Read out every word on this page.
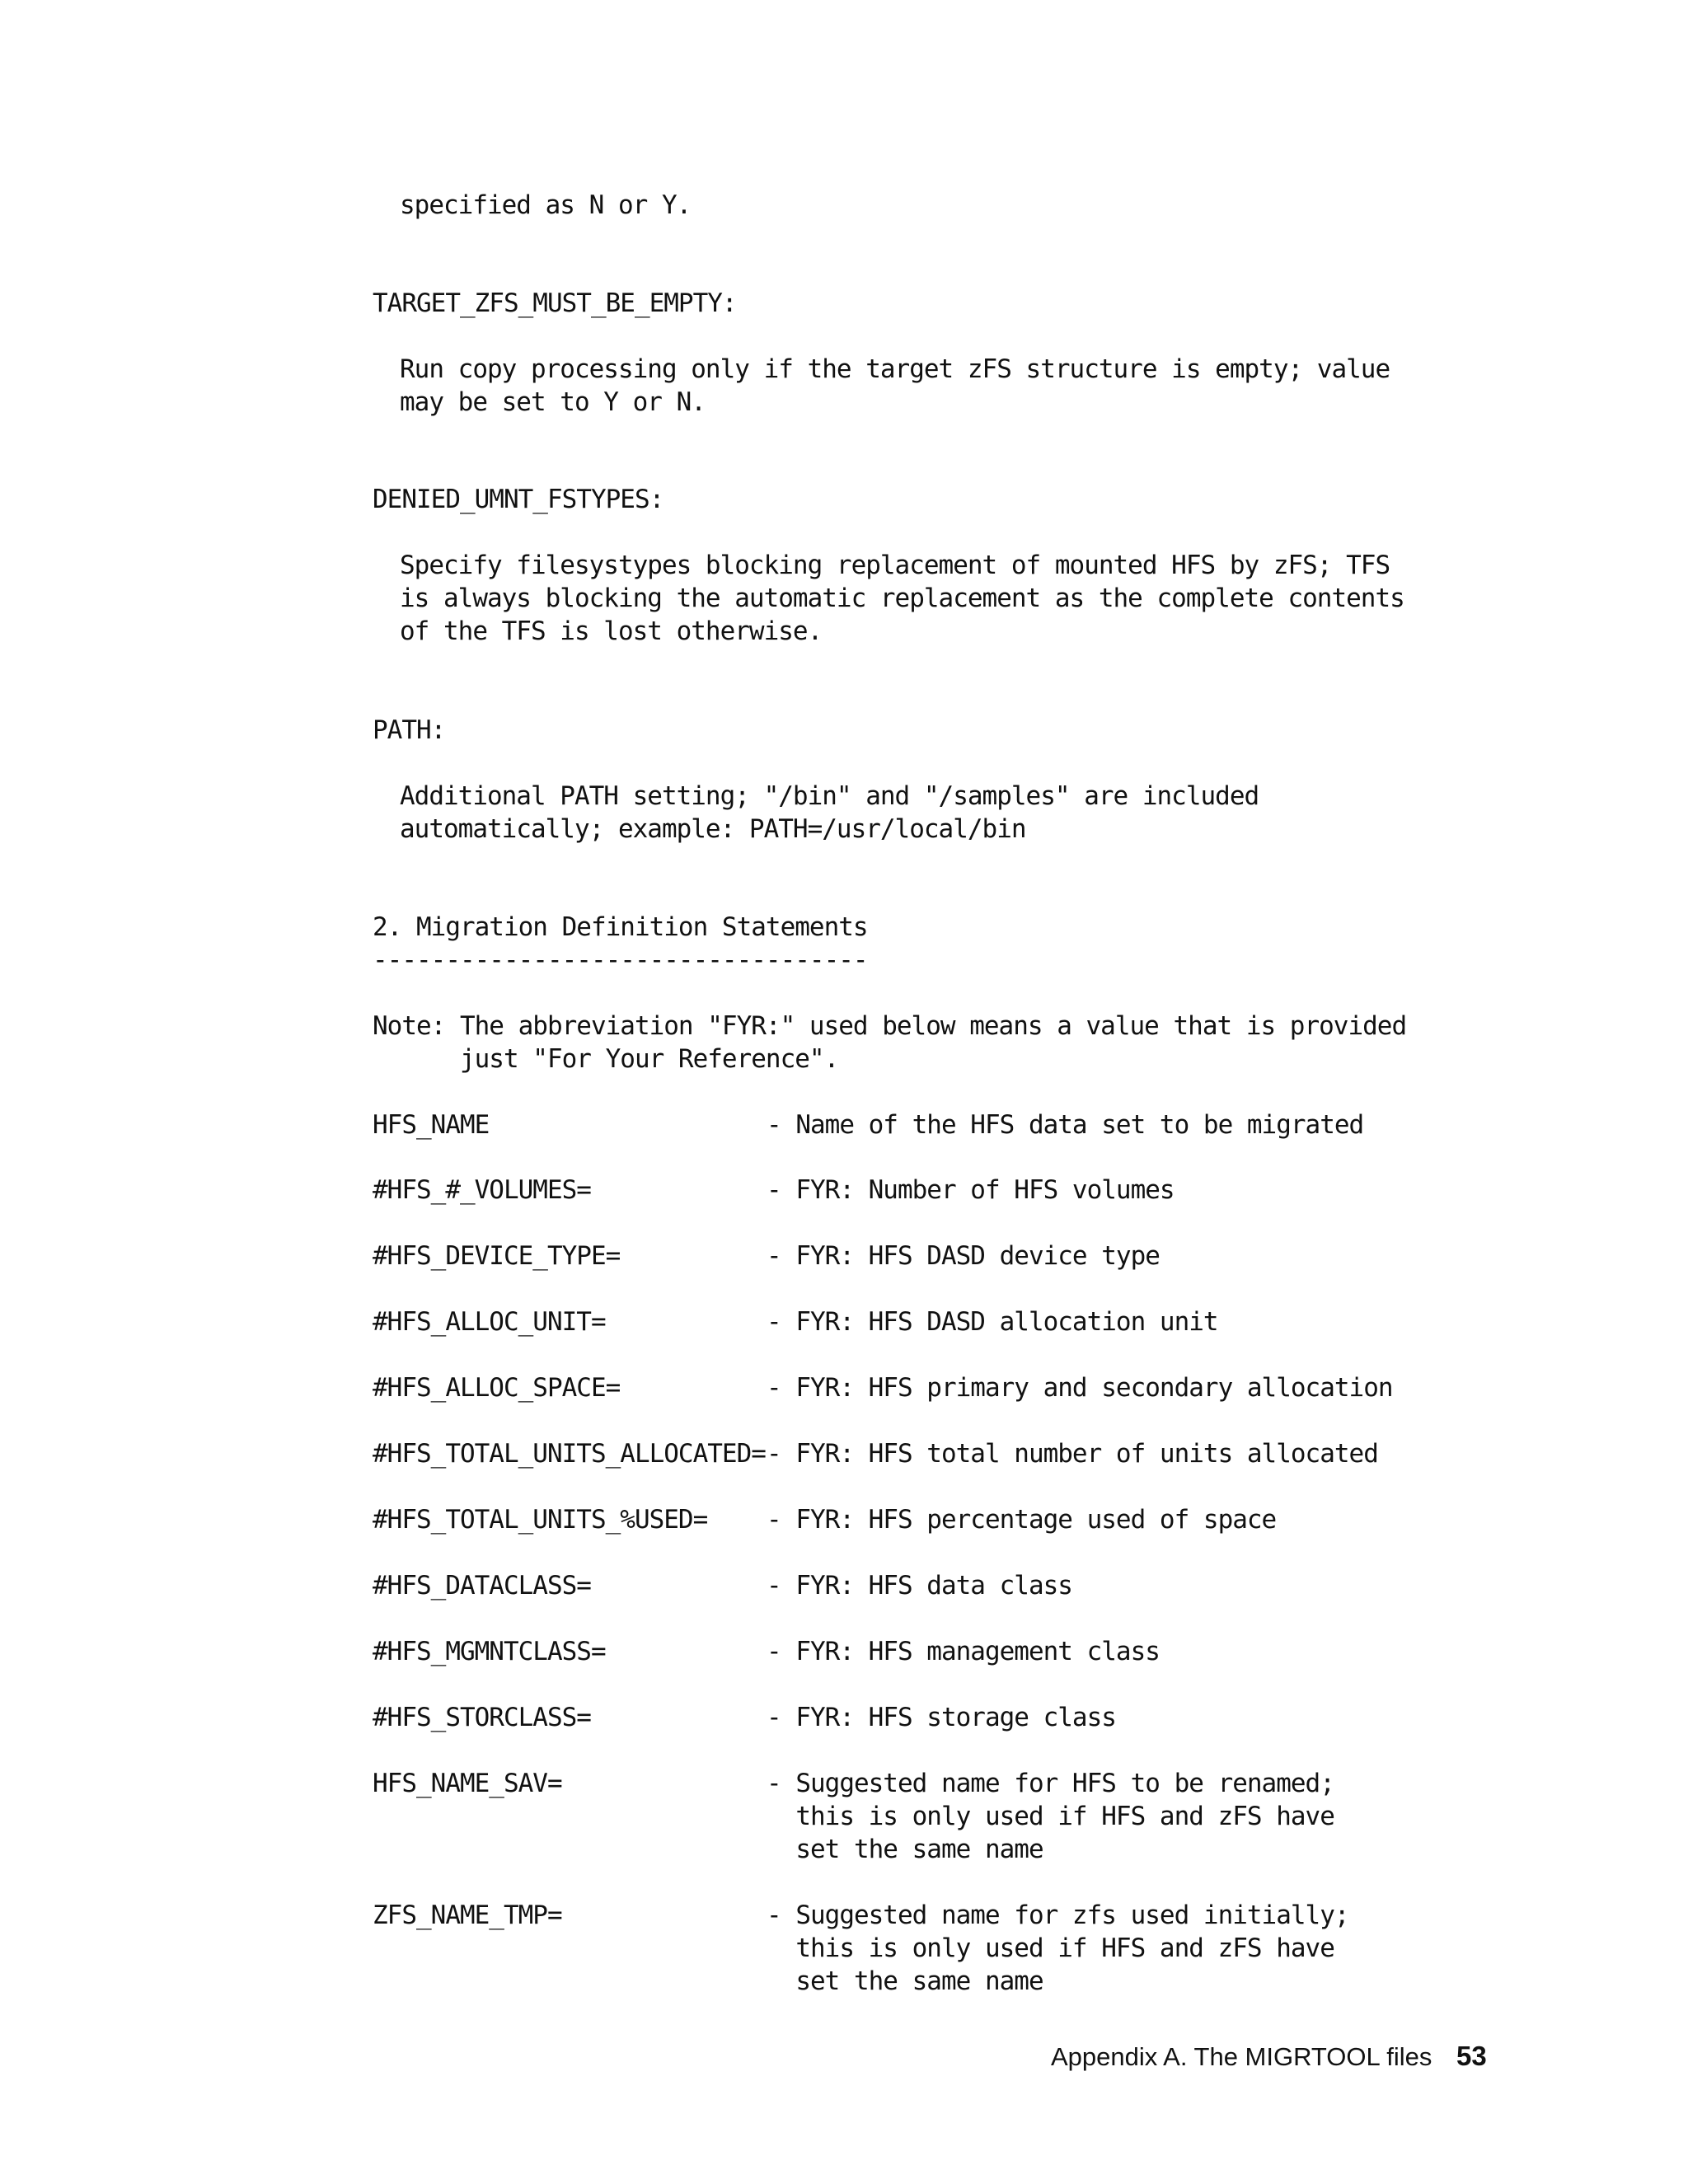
specified as N or Y.

TARGET_ZFS_MUST_BE_EMPTY:

Run copy processing only if the target zFS structure is empty; value

may be set to Y or N.

DENIED_UMNT_FSTYPES:

Specify filesystypes blocking replacement of mounted HFS by zFS; TFS

is always blocking the automatic replacement as the complete contents

of the TFS is lost otherwise.

PATH:

Additional PATH setting; "/bin" and "/samples" are included

automatically; example: PATH=/usr/local/bin

2. Migration Definition Statements

----------------------------------

Note: The abbreviation "FYR:" used below means a value that is provided

just "For Your Reference".

HFS_NAME	- Name of the HFS data set to be migrated
#HFS_#_VOLUMES=	- FYR: Number of HFS volumes
#HFS_DEVICE_TYPE=	- FYR: HFS DASD device type
#HFS_ALLOC_UNIT=	- FYR: HFS DASD allocation unit
#HFS_ALLOC_SPACE=	- FYR: HFS primary and secondary allocation
#HFS_TOTAL_UNITS_ALLOCATED= - FYR: HFS total number of units allocated
#HFS_TOTAL_UNITS_%USED= - FYR: HFS percentage used of space
#HFS_DATACLASS=	- FYR: HFS data class
#HFS_MGMNTCLASS=	- FYR: HFS management class
#HFS_STORCLASS=	- FYR: HFS storage class
HFS_NAME_SAV=	- Suggested name for HFS to be renamed;
this is only used if HFS and zFS have
set the same name
ZFS_NAME_TMP=	- Suggested name for zfs used initially;
this is only used if HFS and zFS have
set the same name

Appendix A. The MIGRTOOL files

53
